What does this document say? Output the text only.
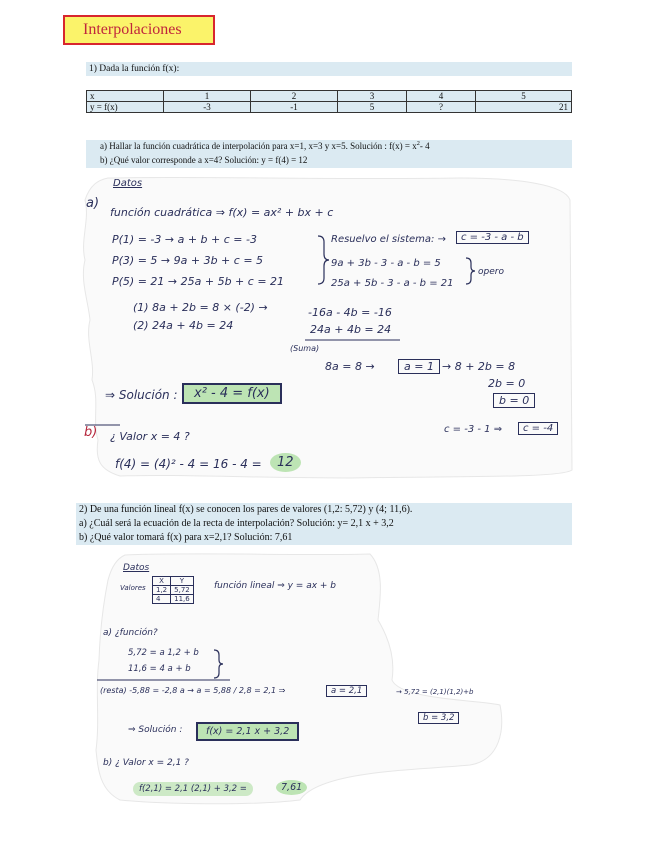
Interpolaciones
1) Dada la función f(x):
x	1	2	3	4	5
y = f(x)	-3	-1	5	?	21
a) Hallar la función cuadrática de interpolación para x=1, x=3 y x=5. Solución : $f(x) = x^2-$ 4
b) ¿Qué valor corresponde a x=4? Solución: y = f(4) = 12
Datos
a)
función cuadrática ⇒ f(x) = ax² + bx + c
P(1) = -3 → a + b + c = -3
P(3) = 5 → 9a + 3b + c = 5
P(5) = 21 → 25a + 5b + c = 21
Resuelvo el sistema: →	c = -3 - a - b
9a + 3b - 3 - a - b = 5
25a + 5b - 3 - a - b = 21
opero
(1) 8a + 2b = 8 × (-2) →
(2) 24a + 4b = 24
-16a - 4b = -16
24a + 4b = 24
(Suma)
8a = 8 →	a = 1 → 8 + 2b = 8
2b = 0
b = 0
c = -3 - 1 ⇒	c = -4
⇒ Solución :	x² - 4 = f(x)
b) ¿ Valor x = 4 ?
f(4) = (4)² - 4 = 16 - 4 =	12
2) De una función lineal f(x) se conocen los pares de valores (1,2: 5,72) y (4; 11,6).
a) ¿Cuál será la ecuación de la recta de interpolación? Solución: y= 2,1 x + 3,2
b) ¿Qué valor tomará f(x) para x=2,1? Solución: 7,61
Datos
Valores
X	Y
1,2	5,72
4	11,6
función lineal ⇒ y = ax + b
a) ¿función?
5,72 = a 1,2 + b
11,6 = 4 a + b
(resta) -5,88 = -2,8 a → a = 5,88 / 2,8 = 2,1 ⇒	a = 2,1	→ 5,72 = (2,1)(1,2)+b
b = 3,2
⇒ Solución :	f(x) = 2,1 x + 3,2
b) ¿ Valor x = 2,1 ?
f(2,1) = 2,1 (2,1) + 3,2 =	7,61
